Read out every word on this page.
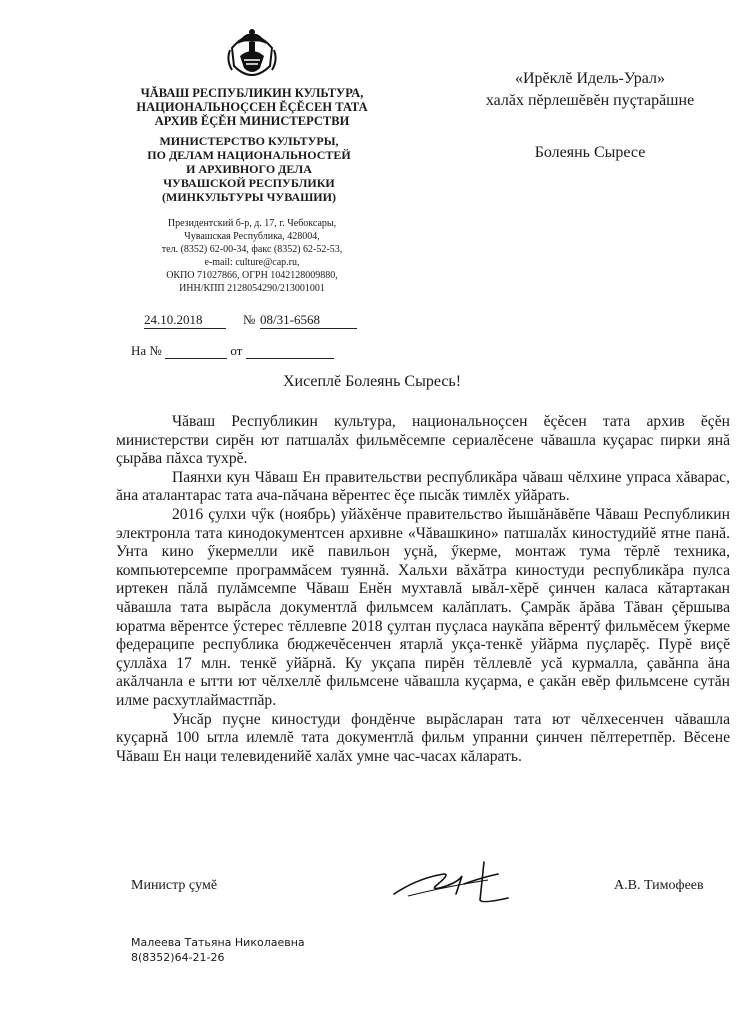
ЧĂВАШ РЕСПУБЛИКИН КУЛЬТУРА,
НАЦИОНАЛЬНОÇСЕН ĔÇĔСЕН ТАТА
АРХИВ ĔÇĔН МИНИСТЕРСТВИ
МИНИСТЕРСТВО КУЛЬТУРЫ,
ПО ДЕЛАМ НАЦИОНАЛЬНОСТЕЙ
И АРХИВНОГО ДЕЛА
ЧУВАШСКОЙ РЕСПУБЛИКИ
(МИНКУЛЬТУРЫ ЧУВАШИИ)
Президентский б-р, д. 17, г. Чебоксары,
Чувашская Республика, 428004,
тел. (8352) 62-00-34, факс (8352) 62-52-53,
e-mail: culture@cap.ru,
ОКПО 71027866, ОГРН 1042128009880,
ИНН/КПП 2128054290/213001001
24.10.2018	№ 08/31-6568
На №	от
«Ирĕклĕ Идель-Урал»
халăх пĕрлешĕвĕн пуçтарăшне
Болеянь Сыресе
Хисеплĕ Болеянь Сыресь!

Чăваш Республикин культура, национальноçсен ĕçĕсен тата архив ĕçĕн министерстви сирĕн ют патшалăх фильмĕсемпе сериалĕсене чăвашла куçарас пирки янă çырăва пăхса тухрĕ.

Паянхи кун Чăваш Ен правительстви республикăра чăваш чĕлхине упрасa хăварас, ăна аталантарас тата ача-пăчана вĕрентес ĕçе пысăк тимлĕх уйăрать.

2016 çулхи чӳк (ноябрь) уйăхĕнче правительство йышăнăвĕпе Чăваш Республикин электронла тата кинодокументсен архивне «Чăвашкино» патшалăх киностудийĕ ятне панă. Унта кино ӳкермелли икĕ павильон уçнă, ӳкерме, монтаж тума тĕрлĕ техника, компьютерсемпе программăсем туяннă. Хальхи вăхăтра киностуди республикăра пулса иртекен пăлă пулăмсемпе Чăваш Енĕн мухтавлă ывăл-хĕрĕ çинчен каласа кăтартакан чăвашла тата вырăсла документлă фильмсем калăплать. Çамрăк ăрăва Тăван çĕршыва юратма вĕрентсе ӳстерес тĕллевпе 2018 çултан пуçласа наукăпа вĕрентӳ фильмĕсем ӳкерме федераципе республика бюджечĕсенчен ятарлă укçа-тенкĕ уйăрма пуçларĕç. Пурĕ виçĕ çуллăха 17 млн. тенкĕ уйăрнă. Ку укçапа пирĕн тĕллевлĕ усă курмалла, çавăнпа ăна акăлчанла е ытти ют чĕлхеллĕ фильмсене чăвашла куçарма, е çакăн евĕр фильмсене сутăн илме расхутлаймастпăр.

Унсăр пуçне киностуди фондĕнче вырăсларан тата ют чĕлхесенчен чăвашла куçарнă 100 ытла илемлĕ тата документлă фильм упранни çинчен пĕлтеретпĕр. Вĕсене Чăваш Ен наци телевиденийĕ халăх умне час-часах кăларать.

Министр çумĕ	А.В. Тимофеев
Малеева Татьяна Николаевна
8(8352)64-21-26
